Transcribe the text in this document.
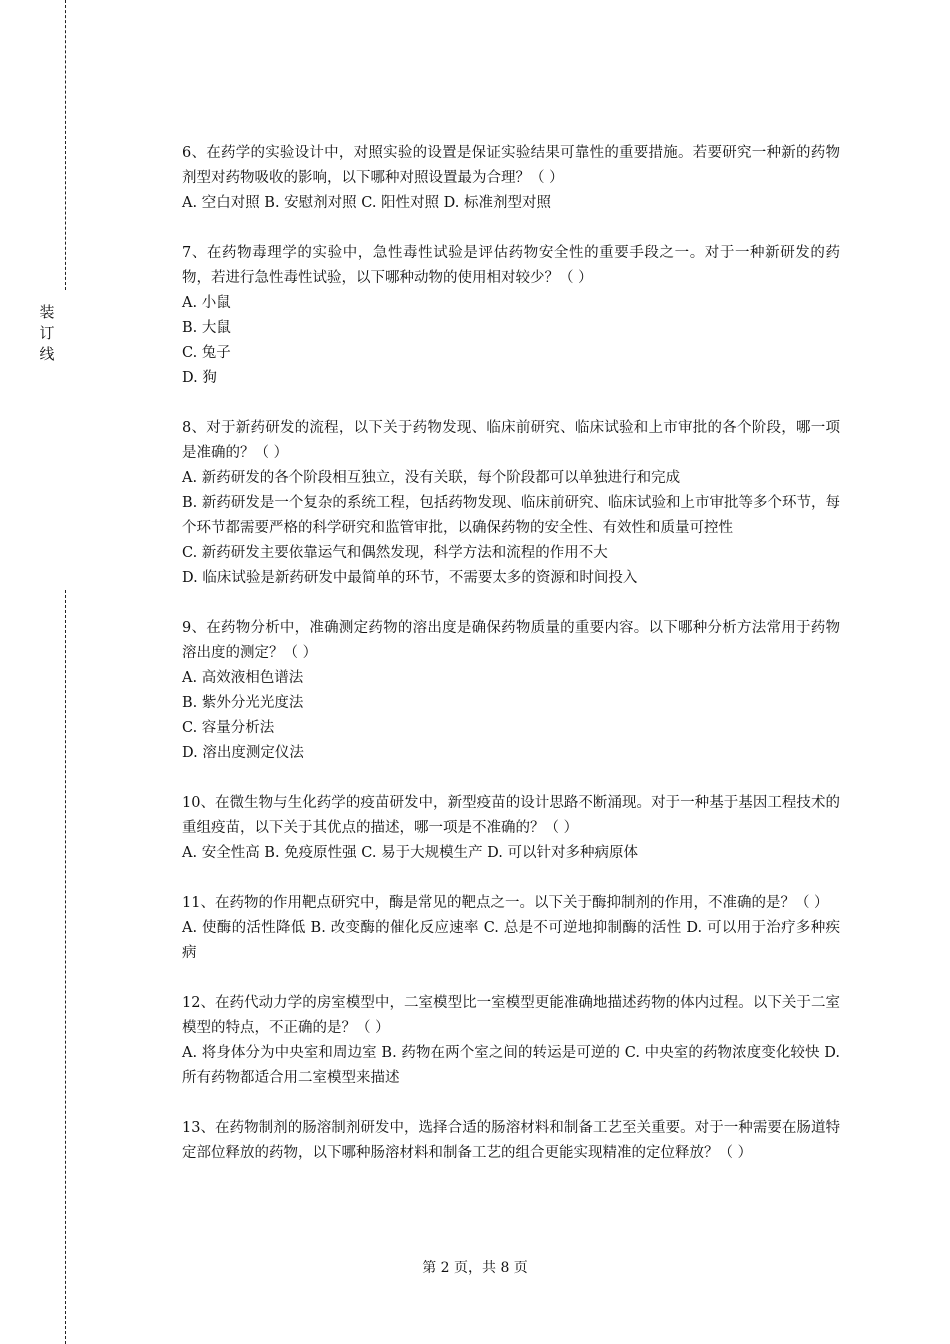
装订线

6、在药学的实验设计中，对照实验的设置是保证实验结果可靠性的重要措施。若要研究一种新的药物剂型对药物吸收的影响，以下哪种对照设置最为合理？（ ）

A. 空白对照 B. 安慰剂对照 C. 阳性对照 D. 标准剂型对照

7、在药物毒理学的实验中，急性毒性试验是评估药物安全性的重要手段之一。对于一种新研发的药物，若进行急性毒性试验，以下哪种动物的使用相对较少？（ ）

A. 小鼠

B. 大鼠

C. 兔子

D. 狗

8、对于新药研发的流程，以下关于药物发现、临床前研究、临床试验和上市审批的各个阶段，哪一项是准确的？（ ）

A. 新药研发的各个阶段相互独立，没有关联，每个阶段都可以单独进行和完成

B. 新药研发是一个复杂的系统工程，包括药物发现、临床前研究、临床试验和上市审批等多个环节，每个环节都需要严格的科学研究和监管审批，以确保药物的安全性、有效性和质量可控性

C. 新药研发主要依靠运气和偶然发现，科学方法和流程的作用不大

D. 临床试验是新药研发中最简单的环节，不需要太多的资源和时间投入

9、在药物分析中，准确测定药物的溶出度是确保药物质量的重要内容。以下哪种分析方法常用于药物溶出度的测定？（ ）

A. 高效液相色谱法

B. 紫外分光光度法

C. 容量分析法

D. 溶出度测定仪法

10、在微生物与生化药学的疫苗研发中，新型疫苗的设计思路不断涌现。对于一种基于基因工程技术的重组疫苗，以下关于其优点的描述，哪一项是不准确的？（ ）

A. 安全性高 B. 免疫原性强 C. 易于大规模生产 D. 可以针对多种病原体

11、在药物的作用靶点研究中，酶是常见的靶点之一。以下关于酶抑制剂的作用，不准确的是？（ ）

A. 使酶的活性降低 B. 改变酶的催化反应速率 C. 总是不可逆地抑制酶的活性 D. 可以用于治疗多种疾病

12、在药代动力学的房室模型中，二室模型比一室模型更能准确地描述药物的体内过程。以下关于二室模型的特点，不正确的是？（ ）

A. 将身体分为中央室和周边室 B. 药物在两个室之间的转运是可逆的 C. 中央室的药物浓度变化较快 D. 所有药物都适合用二室模型来描述

13、在药物制剂的肠溶制剂研发中，选择合适的肠溶材料和制备工艺至关重要。对于一种需要在肠道特定部位释放的药物，以下哪种肠溶材料和制备工艺的组合更能实现精准的定位释放？（ ）

第 2 页，共 8 页
